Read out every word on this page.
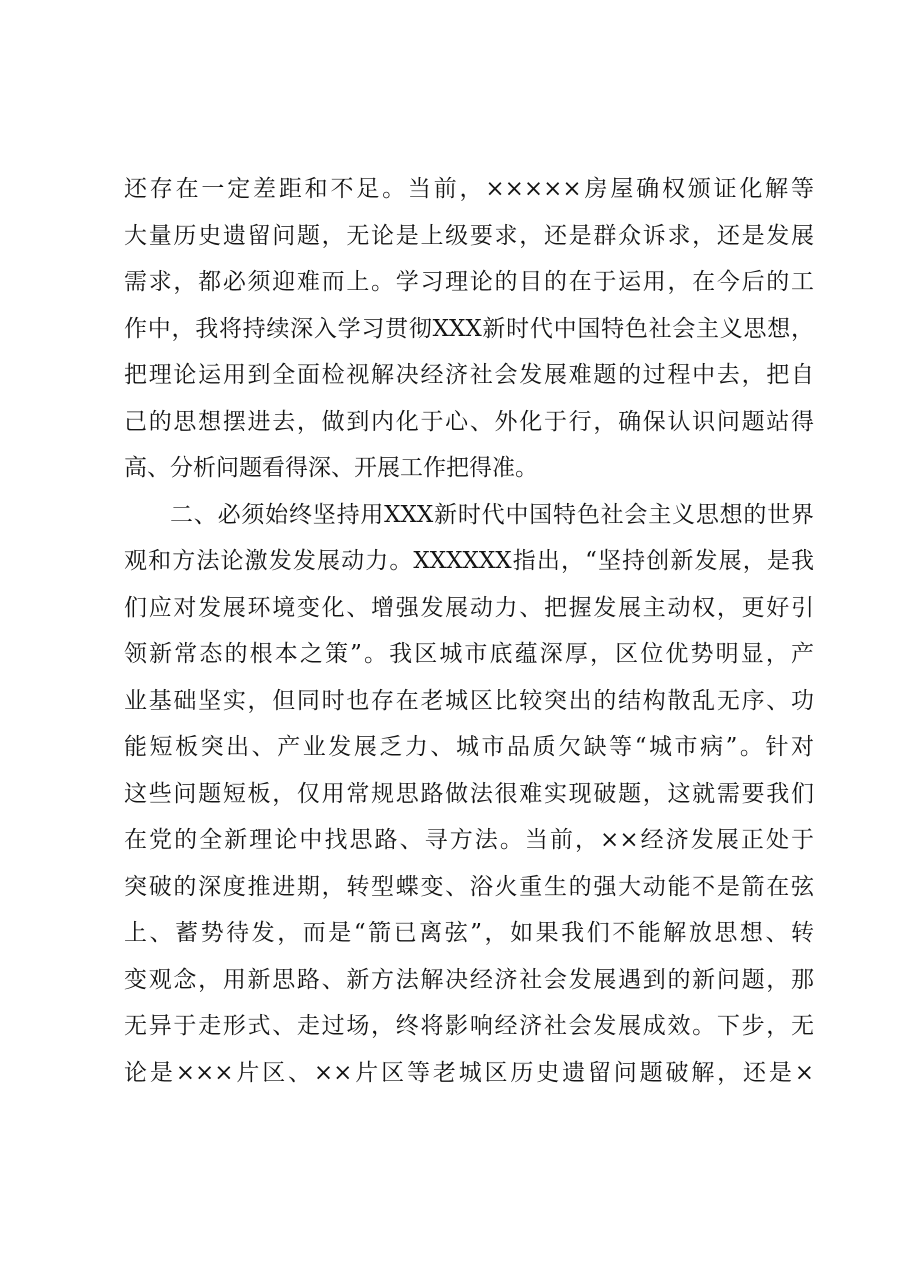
还存在一定差距和不足。当前，×××××房屋确权颁证化解等
大量历史遗留问题，无论是上级要求，还是群众诉求，还是发展
需求，都必须迎难而上。学习理论的目的在于运用，在今后的工
作中，我将持续深入学习贯彻XXX新时代中国特色社会主义思想，
把理论运用到全面检视解决经济社会发展难题的过程中去，把自
己的思想摆进去，做到内化于心、外化于行，确保认识问题站得
高、分析问题看得深、开展工作把得准。
二、必须始终坚持用XXX新时代中国特色社会主义思想的世界
观和方法论激发发展动力。XXXXXX指出，“坚持创新发展，是我
们应对发展环境变化、增强发展动力、把握发展主动权，更好引
领新常态的根本之策”。我区城市底蕴深厚，区位优势明显，产
业基础坚实，但同时也存在老城区比较突出的结构散乱无序、功
能短板突出、产业发展乏力、城市品质欠缺等“城市病”。针对
这些问题短板，仅用常规思路做法很难实现破题，这就需要我们
在党的全新理论中找思路、寻方法。当前，××经济发展正处于
突破的深度推进期，转型蝶变、浴火重生的强大动能不是箭在弦
上、蓄势待发，而是“箭已离弦”，如果我们不能解放思想、转
变观念，用新思路、新方法解决经济社会发展遇到的新问题，那
无异于走形式、走过场，终将影响经济社会发展成效。下步，无
论是×××片区、××片区等老城区历史遗留问题破解，还是×
